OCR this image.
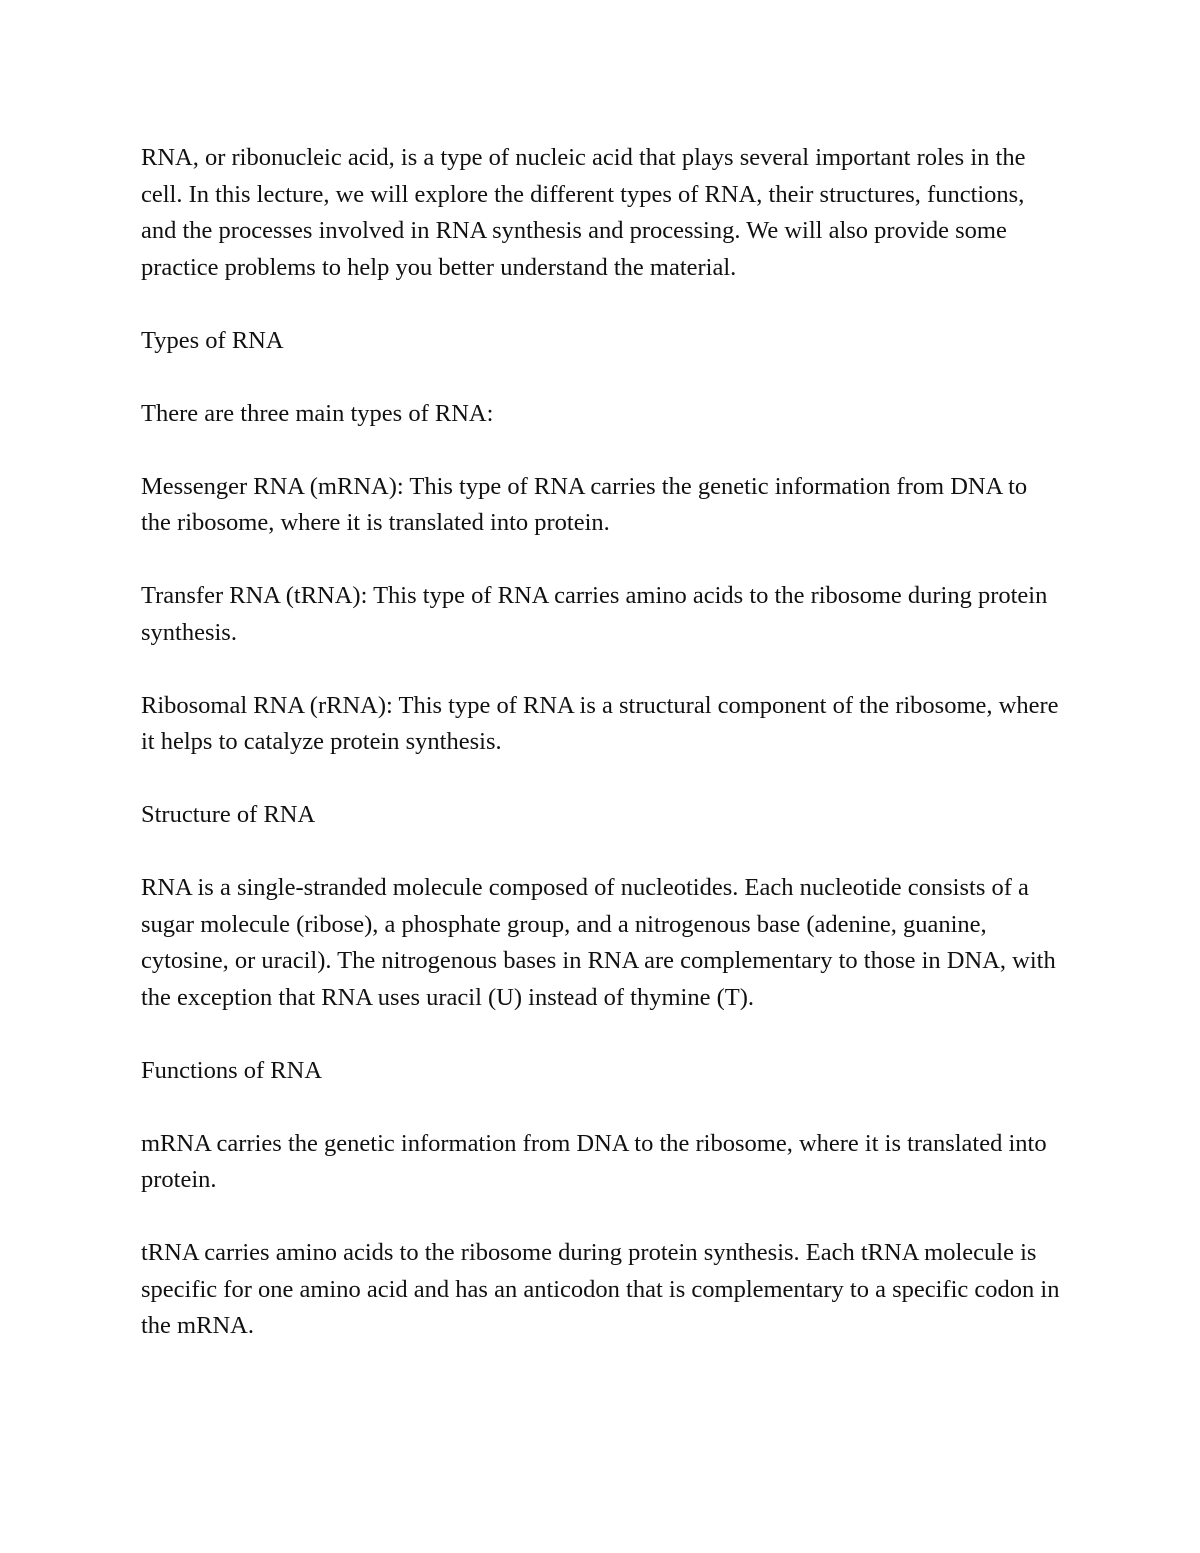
RNA, or ribonucleic acid, is a type of nucleic acid that plays several important roles in the cell. In this lecture, we will explore the different types of RNA, their structures, functions, and the processes involved in RNA synthesis and processing. We will also provide some practice problems to help you better understand the material.

Types of RNA

There are three main types of RNA:

Messenger RNA (mRNA): This type of RNA carries the genetic information from DNA to the ribosome, where it is translated into protein.

Transfer RNA (tRNA): This type of RNA carries amino acids to the ribosome during protein synthesis.

Ribosomal RNA (rRNA): This type of RNA is a structural component of the ribosome, where it helps to catalyze protein synthesis.

Structure of RNA

RNA is a single-stranded molecule composed of nucleotides. Each nucleotide consists of a sugar molecule (ribose), a phosphate group, and a nitrogenous base (adenine, guanine, cytosine, or uracil). The nitrogenous bases in RNA are complementary to those in DNA, with the exception that RNA uses uracil (U) instead of thymine (T).

Functions of RNA

mRNA carries the genetic information from DNA to the ribosome, where it is translated into protein.

tRNA carries amino acids to the ribosome during protein synthesis. Each tRNA molecule is specific for one amino acid and has an anticodon that is complementary to a specific codon in the mRNA.
